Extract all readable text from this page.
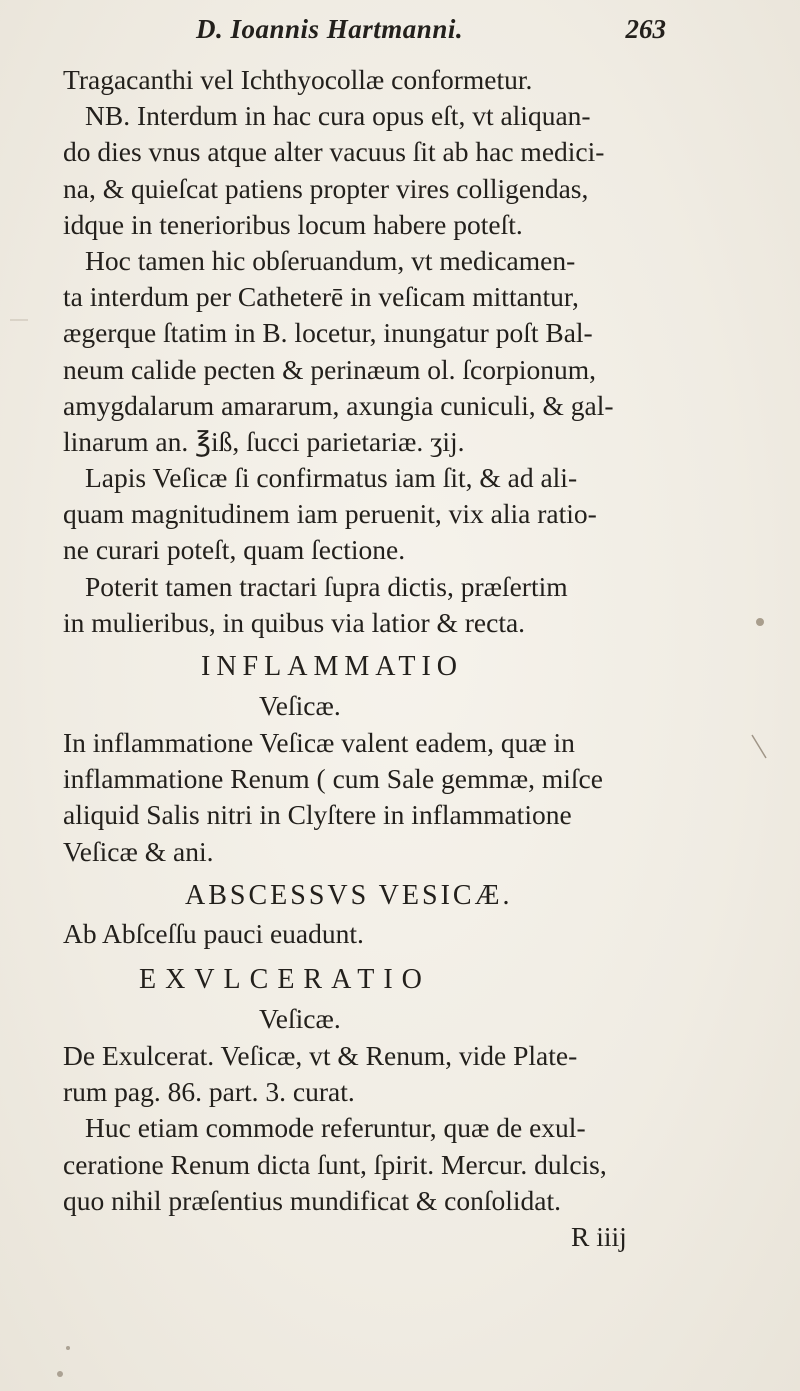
D. Ioannis Hartmanni.	263
Tragacanthi vel Ichthyocollæ conformetur.
NB. Interdum in hac cura opus eſt, vt aliquan-
do dies vnus atque alter vacuus ſit ab hac medici-
na, & quieſcat patiens propter vires colligendas,
idque in tenerioribus locum habere poteſt.
Hoc tamen hic obſeruandum, vt medicamen-
ta interdum per Catheterē in veſicam mittantur,
ægerque ſtatim in B. locetur, inungatur poſt Bal-
neum calide pecten & perinæum ol. ſcorpionum,
amygdalarum amararum, axungia cuniculi, & gal-
linarum an. ℥iß, ſucci parietariæ. ʒij.
Lapis Veſicæ ſi confirmatus iam ſit, & ad ali-
quam magnitudinem iam peruenit, vix alia ratio-
ne curari poteſt, quam ſectione.
Poterit tamen tractari ſupra dictis, præſertim
in mulieribus, in quibus via latior & recta.
INFLAMMATIO
Veſicæ.
In inflammatione Veſicæ valent eadem, quæ in
inflammatione Renum ( cum Sale gemmæ, miſce
aliquid Salis nitri in Clyſtere in inflammatione
Veſicæ & ani.
ABSCESSVS VESICÆ.
Ab Abſceſſu pauci euadunt.
EXVLCERATIO
Veſicæ.
De Exulcerat. Veſicæ, vt & Renum, vide Plate-
rum pag. 86. part. 3. curat.
Huc etiam commode referuntur, quæ de exul-
ceratione Renum dicta ſunt, ſpirit. Mercur. dulcis,
quo nihil præſentius mundificat & conſolidat.
R iiij
